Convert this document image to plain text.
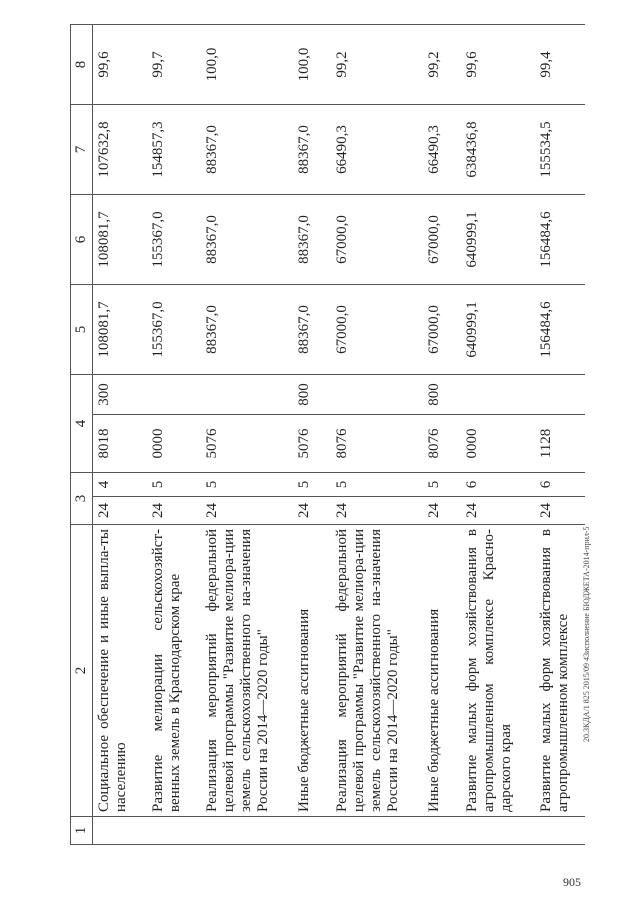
1	2	3		4		5	6	7	8
	Социальное обеспечение и иные выпла-ты населению	24	4	8018	300	108081,7	108081,7	107632,8	99,6
	Развитие мелиорации сельскохозяйст-венных земель в Краснодарском крае	24	5	0000		155367,0	155367,0	154857,3	99,7
	Реализация мероприятий федеральной целевой программы "Развитие мелиора-ции земель сельскохозяйственного на-значения России на 2014—2020 годы"	24	5	5076		88367,0	88367,0	88367,0	100,0
	Иные бюджетные ассигнования	24	5	5076	800	88367,0	88367,0	88367,0	100,0
	Реализация мероприятий федеральной целевой программы "Развитие мелиора-ции земель сельскохозяйственного на-значения России на 2014—2020 годы"	24	5	8076		67000,0	67000,0	66490,3	99,2
	Иные бюджетные ассигнования	24	5	8076	800	67000,0	67000,0	66490,3	99,2
	Развитие малых форм хозяйствования в агропромышленном комплексе Красно-дарского края	24	6	0000		640999,1	640999,1	638436,8	99,6
	Развитие малых форм хозяйствования в агропромышленном комплексе	24	6	1128		156484,6	156484,6	155534,5	99,4
20.ЗКДА/1 825 2015/09 43исполнение БЮДЖЕТА-2014-прил-5
905
